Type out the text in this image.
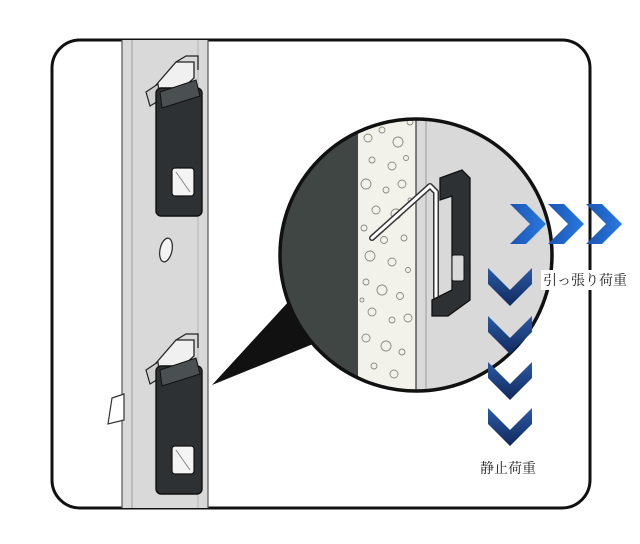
引っ張り荷重
静止荷重
